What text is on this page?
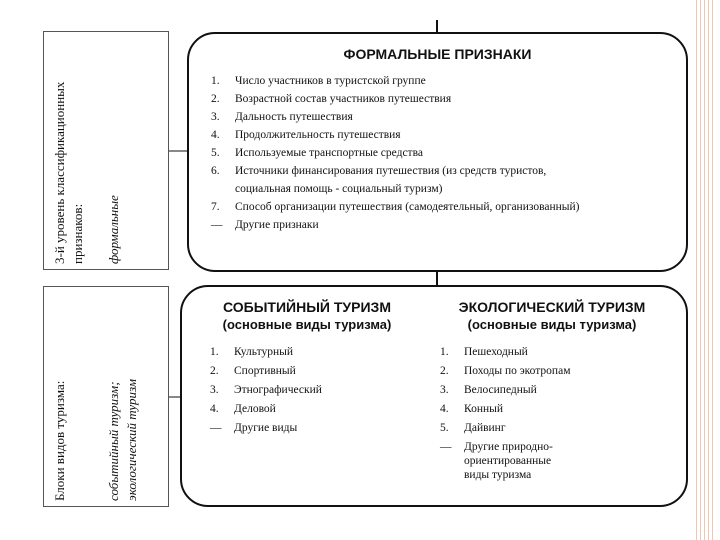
3-й уровень классификационных признаков: формальные
Блоки видов туризма:	событийный туризм; экологический туризм
ФОРМАЛЬНЫЕ ПРИЗНАКИ
1. Число участников в туристской группе
2. Возрастной состав участников путешествия
3. Дальность путешествия
4. Продолжительность путешествия
5. Используемые транспортные средства
6. Источники финансирования путешествия (из средств туристов,
социальная помощь - социальный туризм)
7. Способ организации путешествия (самодеятельный, организованный)
— Другие признаки
СОБЫТИЙНЫЙ ТУРИЗМ
(основные виды туризма)
1. Культурный
2. Спортивный
3. Этнографический
4. Деловой
— Другие виды
ЭКОЛОГИЧЕСКИЙ ТУРИЗМ
(основные виды туризма)
1. Пешеходный
2. Походы по экотропам
3. Велосипедный
4. Конный
5. Дайвинг
— Другие природно-
ориентированные
виды туризма
